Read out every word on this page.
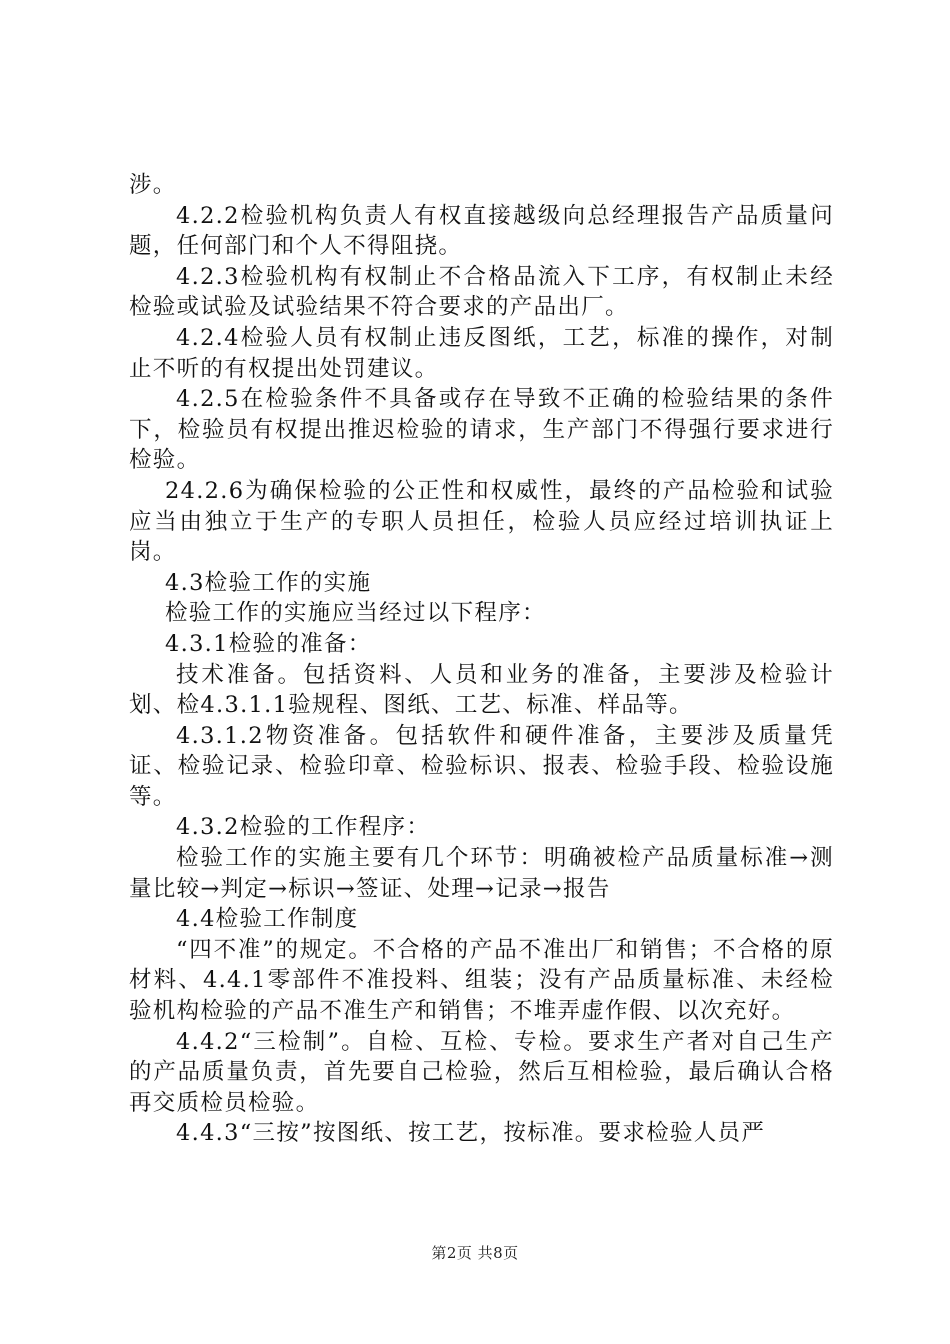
涉。

4.2.2检验机构负责人有权直接越级向总经理报告产品质量问题，任何部门和个人不得阻挠。

4.2.3检验机构有权制止不合格品流入下工序，有权制止未经检验或试验及试验结果不符合要求的产品出厂。

4.2.4检验人员有权制止违反图纸，工艺，标准的操作，对制止不听的有权提出处罚建议。

4.2.5在检验条件不具备或存在导致不正确的检验结果的条件下，检验员有权提出推迟检验的请求，生产部门不得强行要求进行检验。

24.2.6为确保检验的公正性和权威性，最终的产品检验和试验应当由独立于生产的专职人员担任，检验人员应经过培训执证上岗。

4.3检验工作的实施

检验工作的实施应当经过以下程序：

4.3.1检验的准备：

技术准备。包括资料、人员和业务的准备，主要涉及检验计划、检4.3.1.1验规程、图纸、工艺、标准、样品等。

4.3.1.2物资准备。包括软件和硬件准备，主要涉及质量凭证、检验记录、检验印章、检验标识、报表、检验手段、检验设施等。

4.3.2检验的工作程序：

检验工作的实施主要有几个环节：明确被检产品质量标准→测量比较→判定→标识→签证、处理→记录→报告

4.4检验工作制度

“四不准”的规定。不合格的产品不准出厂和销售；不合格的原材料、4.4.1零部件不准投料、组装；没有产品质量标准、未经检验机构检验的产品不准生产和销售；不堆弄虚作假、以次充好。

4.4.2“三检制”。自检、互检、专检。要求生产者对自己生产的产品质量负责，首先要自己检验，然后互相检验，最后确认合格再交质检员检验。

4.4.3“三按”按图纸、按工艺，按标准。要求检验人员严

第2页 共8页
